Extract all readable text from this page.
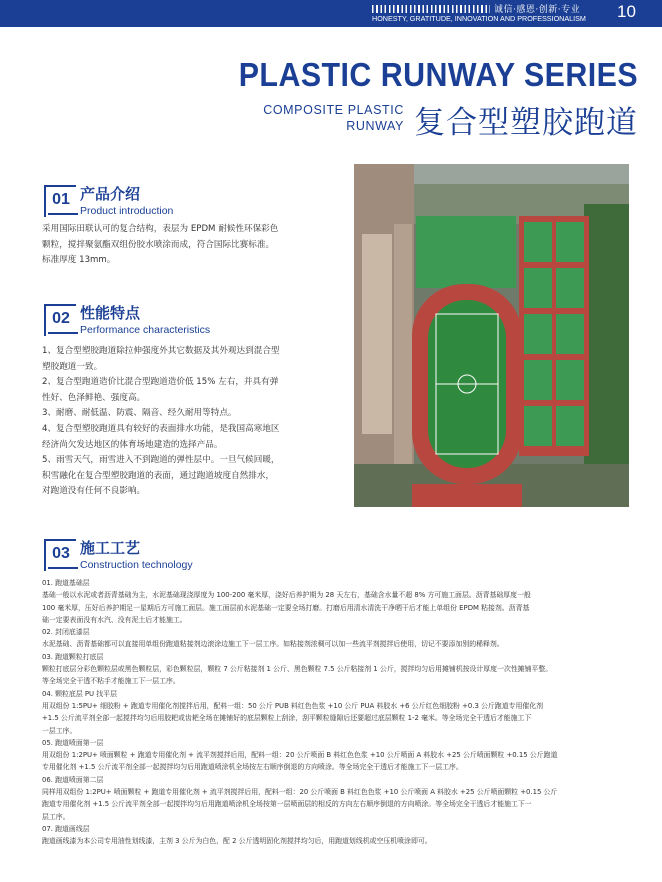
诚信·感恩·创新·专业
HONESTY, GRATITUDE, INNOVATION AND PROFESSIONALISM 10
PLASTIC RUNWAY SERIES
COMPOSITE PLASTIC
RUNWAY 复合型塑胶跑道
01 产品介绍
Product introduction

采用国际田联认可的复合结构，表层为 EPDM 耐候性环保彩色

颗粒，搅拌聚氨酯双组份胶水喷涂而成，符合国际比赛标准。

标准厚度 13mm。

02 性能特点
Performance characteristics

1、复合型塑胶跑道除拉伸强度外其它数据及其外观达到混合型

塑胶跑道一致。

2、复合型跑道造价比混合型跑道造价低 15% 左右，并具有弹

性好、色泽鲜艳、强度高。

3、耐磨、耐低温、防震、隔音、经久耐用等特点。

4、复合型塑胶跑道具有较好的表面排水功能，是我国高寒地区

经济尚欠发达地区的体育场地建造的选择产品。

5、雨雪天气，雨雪进入不到跑道的弹性层中。一旦气候回暖，

积雪融化在复合型塑胶跑道的表面，通过跑道坡度自然排水，

对跑道没有任何不良影响。

03 施工工艺
Construction technology

01. 跑道基础层

基础一般以水泥或者沥青基础为主，水泥基础现浇厚度为 100-200 毫米厚，浇好后养护期为 28 天左右，基础含水量不超 8% 方可施工面层。沥青基础厚度一般

100 毫米厚，压好后养护期足一星期后方可施工面层。施工面层前水泥基础一定要全场打磨。打磨后用清水清洗干净晒干后才能上单组份 EPDM 粘接剂。沥青基

础一定要表面没有水汽、没有泥土后才能施工。

02. 封闭底漆层

水泥基础、沥青基础都可以直接用单组份跑道粘接剂边滚涂边施工下一层工序。如粘接剂浓稠可以加一些流平剂搅拌后使用，切记不要添加别的稀释剂。

03. 跑道颗粒打底层

颗粒打底层分彩色颗粒层或黑色颗粒层，彩色颗粒层，颗粒 7 公斤粘接剂 1 公斤、黑色颗粒 7.5 公斤粘接剂 1 公斤，搅拌均匀后用摊铺机按设计厚度一次性摊铺平整。

等全场完全干透不粘手才能施工下一层工序。

04. 颗粒底层 PU 找平层

用双组份 1:5PU+ 细胶粉 + 跑道专用催化剂搅拌后用，配料一组：50 公斤 PUB 料红色色浆 +10 公斤 PUA 料胶水 +6 公斤红色细胶粉 +0.3 公斤跑道专用催化剂

+1.5 公斤流平剂全部一起搅拌均匀后用胶耙或齿耙全场在摊铺好的底层颗粒上刮涂，刮平颗粒缝隙后还要超过底层颗粒 1-2 毫米。等全场完全干透后才能施工下

一层工序。

05. 跑道喷面第一层

用双组份 1:2PU+ 喷面颗粒 + 跑道专用催化剂 + 流平剂搅拌后用，配料一组：20 公斤喷面 B 料红色色浆 +10 公斤喷面 A 料胶水 +25 公斤喷面颗粒 +0.15 公斤跑道

专用催化剂 +1.5 公斤流平剂全部一起搅拌均匀后用跑道喷涂机全场按左右顺序倒退的方向喷涂。等全场完全干透后才能施工下一层工序。

06. 跑道喷面第二层

同样用双组份 1:2PU+ 喷面颗粒 + 跑道专用催化剂 + 流平剂搅拌后用，配料一组：20 公斤喷面 B 料红色色浆 +10 公斤喷面 A 料胶水 +25 公斤喷面颗粒 +0.15 公斤

跑道专用催化剂 +1.5 公斤流平剂全部一起搅拌均匀后用跑道喷涂机全场按第一层喷面层的相反的方向左右顺序倒退的方向喷涂。等全场完全干透后才能施工下一

层工序。

07. 跑道画线层

跑道画线漆为本公司专用油性划线漆，主剂 3 公斤为白色，配 2 公斤透明固化剂搅拌均匀后，用跑道划线机或空压机喷涂即可。
